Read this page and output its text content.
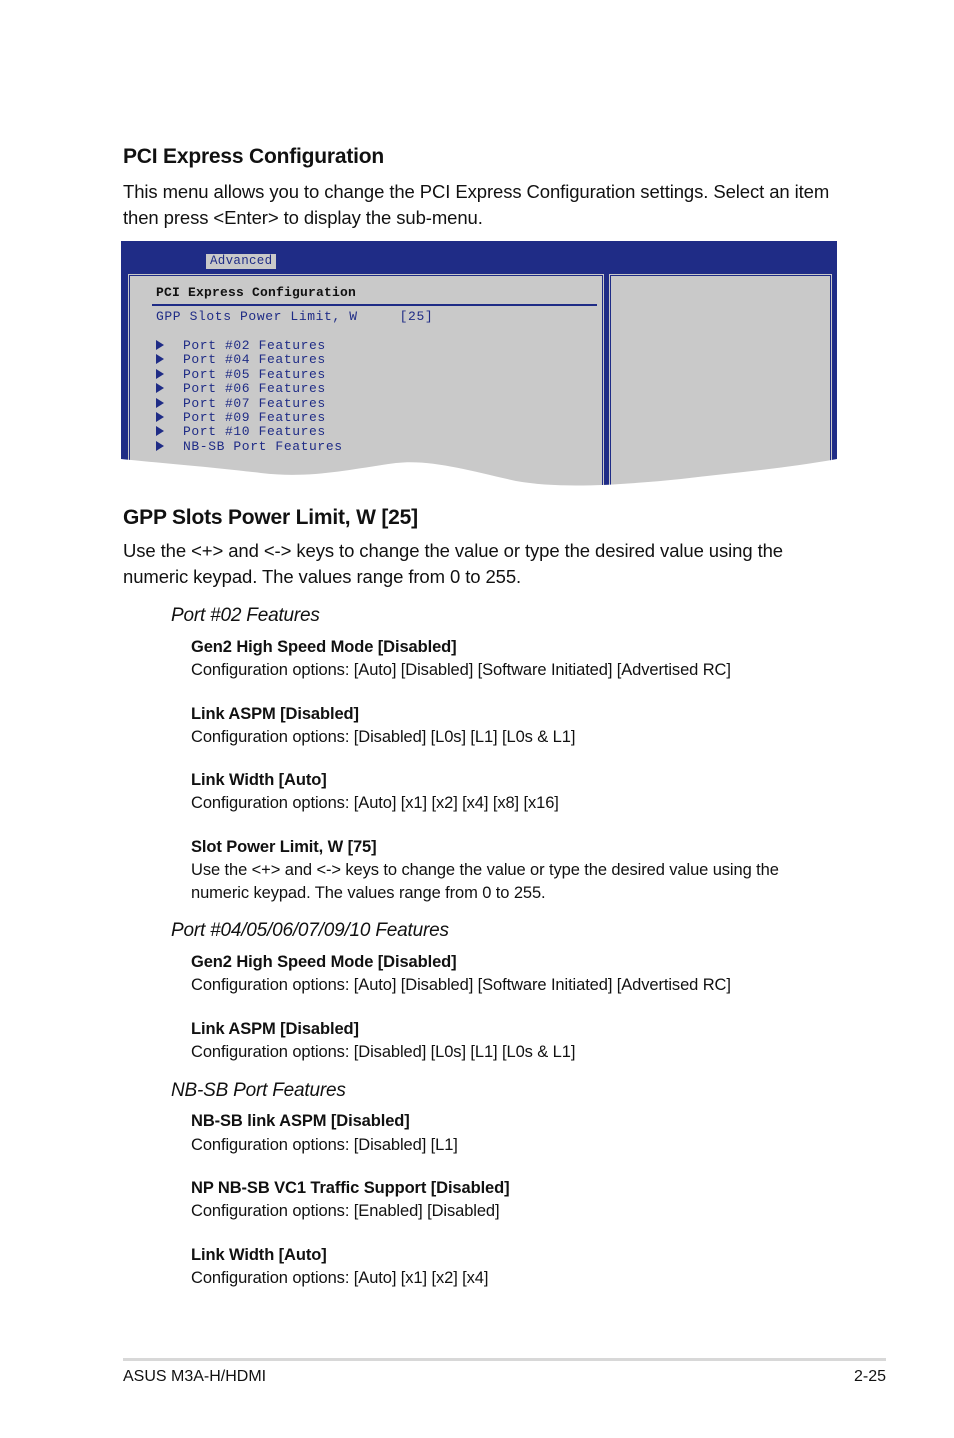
PCI Express Configuration
This menu allows you to change the PCI Express Configuration settings. Select an item then press <Enter> to display the sub-menu.
Advanced
PCI Express Configuration
GPP Slots Power Limit, W     [25]
Port #02 Features
Port #04 Features
Port #05 Features
Port #06 Features
Port #07 Features
Port #09 Features
Port #10 Features
NB-SB Port Features
GPP Slots Power Limit, W [25]
Use the <+> and <-> keys to change the value or type the desired value using the numeric keypad. The values range from 0 to 255.
Port #02 Features
Gen2 High Speed Mode [Disabled]
Configuration options: [Auto] [Disabled] [Software Initiated] [Advertised RC]
Link ASPM [Disabled]
Configuration options: [Disabled] [L0s] [L1] [L0s & L1]
Link Width [Auto]
Configuration options: [Auto] [x1] [x2] [x4] [x8] [x16]
Slot Power Limit, W [75]
Use the <+> and <-> keys to change the value or type the desired value using the numeric keypad. The values range from 0 to 255.
Port #04/05/06/07/09/10 Features
Gen2 High Speed Mode [Disabled]
Configuration options: [Auto] [Disabled] [Software Initiated] [Advertised RC]
Link ASPM [Disabled]
Configuration options: [Disabled] [L0s] [L1] [L0s & L1]
NB-SB Port Features
NB-SB link ASPM [Disabled]
Configuration options: [Disabled] [L1]
NP NB-SB VC1 Traffic Support [Disabled]
Configuration options: [Enabled] [Disabled]
Link Width [Auto]
Configuration options: [Auto] [x1] [x2] [x4]
ASUS M3A-H/HDMI	2-25
